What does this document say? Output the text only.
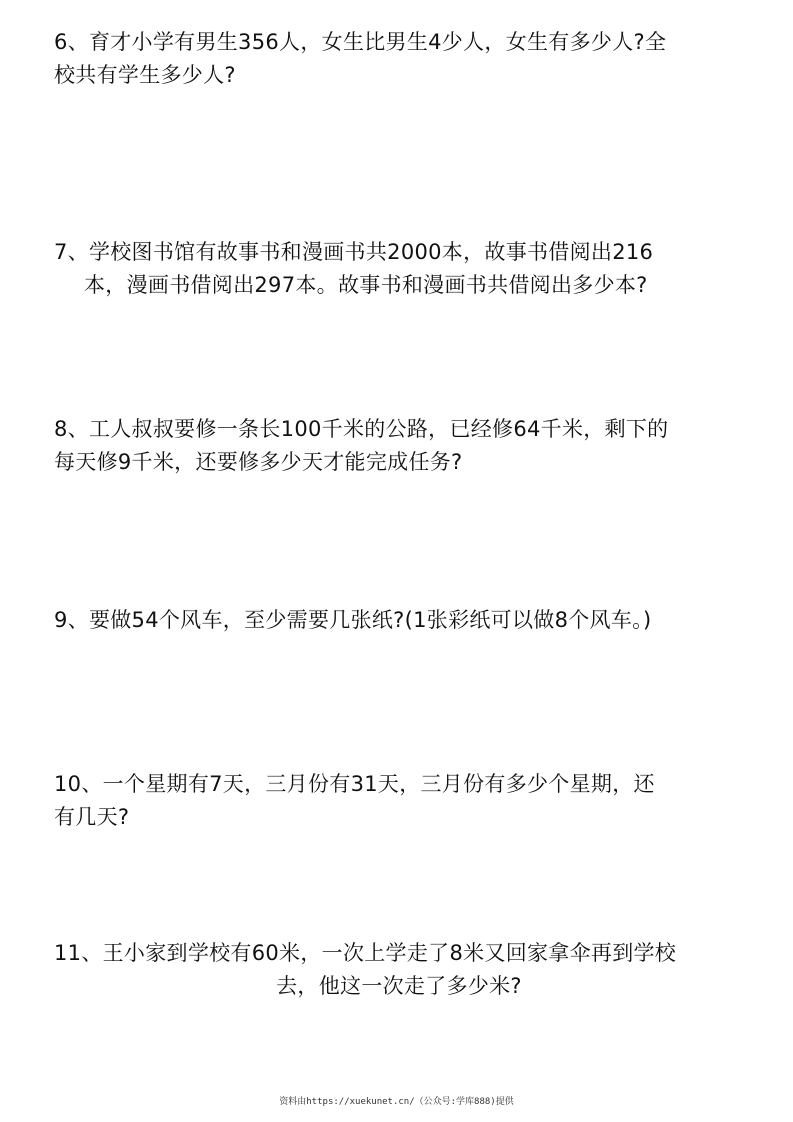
6、育才小学有男生356人，女生比男生4少人，女生有多少人?全
校共有学生多少人?
7、学校图书馆有故事书和漫画书共2000本，故事书借阅出216
本，漫画书借阅出297本。故事书和漫画书共借阅出多少本?
8、工人叔叔要修一条长100千米的公路，已经修64千米，剩下的
每天修9千米，还要修多少天才能完成任务?
9、要做54个风车，至少需要几张纸?(1张彩纸可以做8个风车。)
10、一个星期有7天，三月份有31天，三月份有多少个星期，还
有几天?
11、王小家到学校有60米，一次上学走了8米又回家拿伞再到学校
去，他这一次走了多少米?
资料由https://xuekunet.cn/（公众号:学库888)提供
